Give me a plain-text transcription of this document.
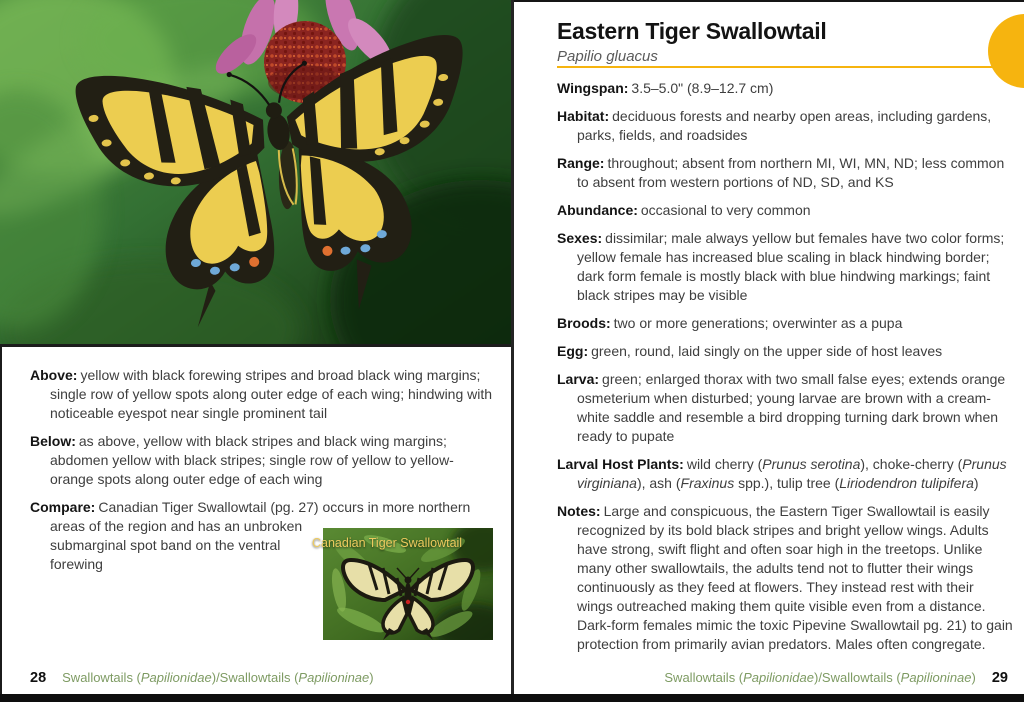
Above: yellow with black forewing stripes and broad black wing margins; single row of yellow spots along outer edge of each wing; hindwing with noticeable eyespot near single prominent tail

Below: as above, yellow with black stripes and black wing margins; abdomen yellow with black stripes; single row of yellow to yellow-orange spots along outer edge of each wing

Canadian Tiger Swallowtail
Compare: Canadian Tiger Swallowtail (pg. 27) occurs in more northern areas of the region and has an unbroken submarginal spot band on the ventral forewing

28 Swallowtails (Papilionidae)/Swallowtails (Papilioninae)
Eastern Tiger Swallowtail
Papilio gluacus

Wingspan: 3.5–5.0" (8.9–12.7 cm)

Habitat: deciduous forests and nearby open areas, including gardens, parks, fields, and roadsides

Range: throughout; absent from northern MI, WI, MN, ND; less common to absent from western portions of ND, SD, and KS

Abundance: occasional to very common

Sexes: dissimilar; male always yellow but females have two color forms; yellow female has increased blue scaling in black hindwing border; dark form female is mostly black with blue hindwing markings; faint black stripes may be visible

Broods: two or more generations; overwinter as a pupa

Egg: green, round, laid singly on the upper side of host leaves

Larva: green; enlarged thorax with two small false eyes; extends orange osmeterium when disturbed; young larvae are brown with a cream-white saddle and resemble a bird dropping turning dark brown when ready to pupate

Larval Host Plants: wild cherry (Prunus serotina), choke-cherry (Prunus virginiana), ash (Fraxinus spp.), tulip tree (Liriodendron tulipifera)

Notes: Large and conspicuous, the Eastern Tiger Swallowtail is easily recognized by its bold black stripes and bright yellow wings. Adults have strong, swift flight and often soar high in the treetops. Unlike many other swallowtails, the adults tend not to flutter their wings continuously as they feed at flowers. They instead rest with their wings outreached making them quite visible even from a distance. Dark-form females mimic the toxic Pipevine Swallowtail pg. 21) to gain protection from primarily avian predators. Males often congregate.

Swallowtails (Papilionidae)/Swallowtails (Papilioninae) 29
